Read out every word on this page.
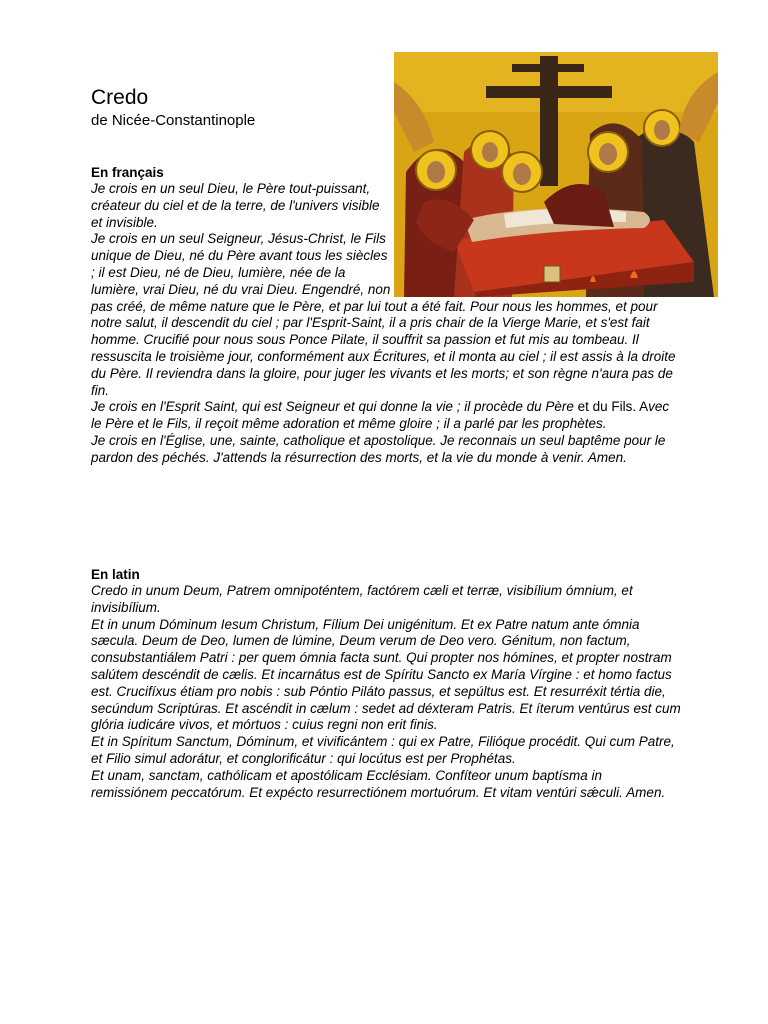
Credo
de Nicée-Constantinople

En français

Je crois en un seul Dieu, le Père tout-puissant, créateur du ciel et de la terre, de l'univers visible et invisible.

Je crois en un seul Seigneur, Jésus-Christ, le Fils unique de Dieu, né du Père avant tous les siècles ; il est Dieu, né de Dieu, lumière, née de la lumière, vrai Dieu, né du vrai Dieu. Engendré, non pas créé, de même nature que le Père, et par lui tout a été fait. Pour nous les hommes, et pour notre salut, il descendit du ciel ; par l'Esprit-Saint, il a pris chair de la Vierge Marie, et s'est fait homme. Crucifié pour nous sous Ponce Pilate, il souffrit sa passion et fut mis au tombeau. Il ressuscita le troisième jour, conformément aux Écritures, et il monta au ciel ; il est assis à la droite du Père. Il reviendra dans la gloire, pour juger les vivants et les morts; et son règne n'aura pas de fin.

Je crois en l'Esprit Saint, qui est Seigneur et qui donne la vie ; il procède du Père et du Fils. Avec le Père et le Fils, il reçoit même adoration et même gloire ; il a parlé par les prophètes.

Je crois en l'Église, une, sainte, catholique et apostolique. Je reconnais un seul baptême pour le pardon des péchés. J'attends la résurrection des morts, et la vie du monde à venir. Amen.

En latin

Credo in unum Deum, Patrem omnipoténtem, factórem cæli et terræ, visibílium ómnium, et invisibílium.

Et in unum Dóminum Iesum Christum, Fílium Dei unigénitum. Et ex Patre natum ante ómnia sæcula. Deum de Deo, lumen de lúmine, Deum verum de Deo vero. Génitum, non factum, consubstantiálem Patri : per quem ómnia facta sunt. Qui propter nos hómines, et propter nostram salútem descéndit de cælis. Et incarnátus est de Spíritu Sancto ex María Vírgine : et homo factus est. Crucifíxus étiam pro nobis : sub Póntio Piláto passus, et sepúltus est. Et resurréxit tértia die, secúndum Scriptúras. Et ascéndit in cælum : sedet ad déxteram Patris. Et íterum ventúrus est cum glória iudicáre vivos, et mórtuos : cuius regni non erit finis.

Et in Spíritum Sanctum, Dóminum, et vivificántem : qui ex Patre, Filióque procédit. Qui cum Patre, et Filio simul adorátur, et conglorificátur : qui locútus est per Prophétas.

Et unam, sanctam, cathólicam et apostólicam Ecclésiam. Confíteor unum baptísma in remissiónem peccatórum. Et expécto resurrectiónem mortuórum. Et vitam ventúri sǽculi. Amen.
